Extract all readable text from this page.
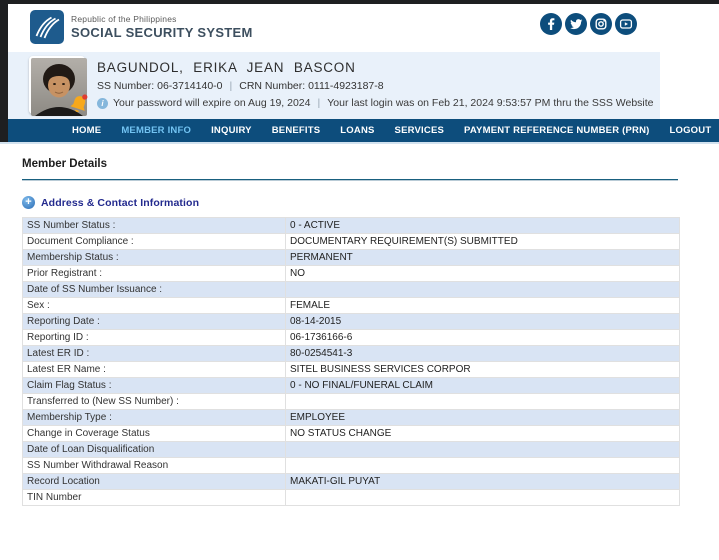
Republic of the Philippines
SOCIAL SECURITY SYSTEM
BAGUNDOL, ERIKA JEAN BASCON
SS Number: 06-3714140-0 | CRN Number: 0111-4923187-8
i Your password will expire on Aug 19, 2024 | Your last login was on Feb 21, 2024 9:53:57 PM thru the SSS Website
HOME MEMBER INFO INQUIRY BENEFITS LOANS SERVICES PAYMENT REFERENCE NUMBER (PRN) LOGOUT
Member Details
+ Address & Contact Information
SS Number Status :	0 - ACTIVE
Document Compliance :	DOCUMENTARY REQUIREMENT(S) SUBMITTED
Membership Status :	PERMANENT
Prior Registrant :	NO
Date of SS Number Issuance :
Sex :	FEMALE
Reporting Date :	08-14-2015
Reporting ID :	06-1736166-6
Latest ER ID :	80-0254541-3
Latest ER Name :	SITEL BUSINESS SERVICES CORPOR
Claim Flag Status :	0 - NO FINAL/FUNERAL CLAIM
Transferred to (New SS Number) :
Membership Type :	EMPLOYEE
Change in Coverage Status	NO STATUS CHANGE
Date of Loan Disqualification
SS Number Withdrawal Reason
Record Location	MAKATI-GIL PUYAT
TIN Number
